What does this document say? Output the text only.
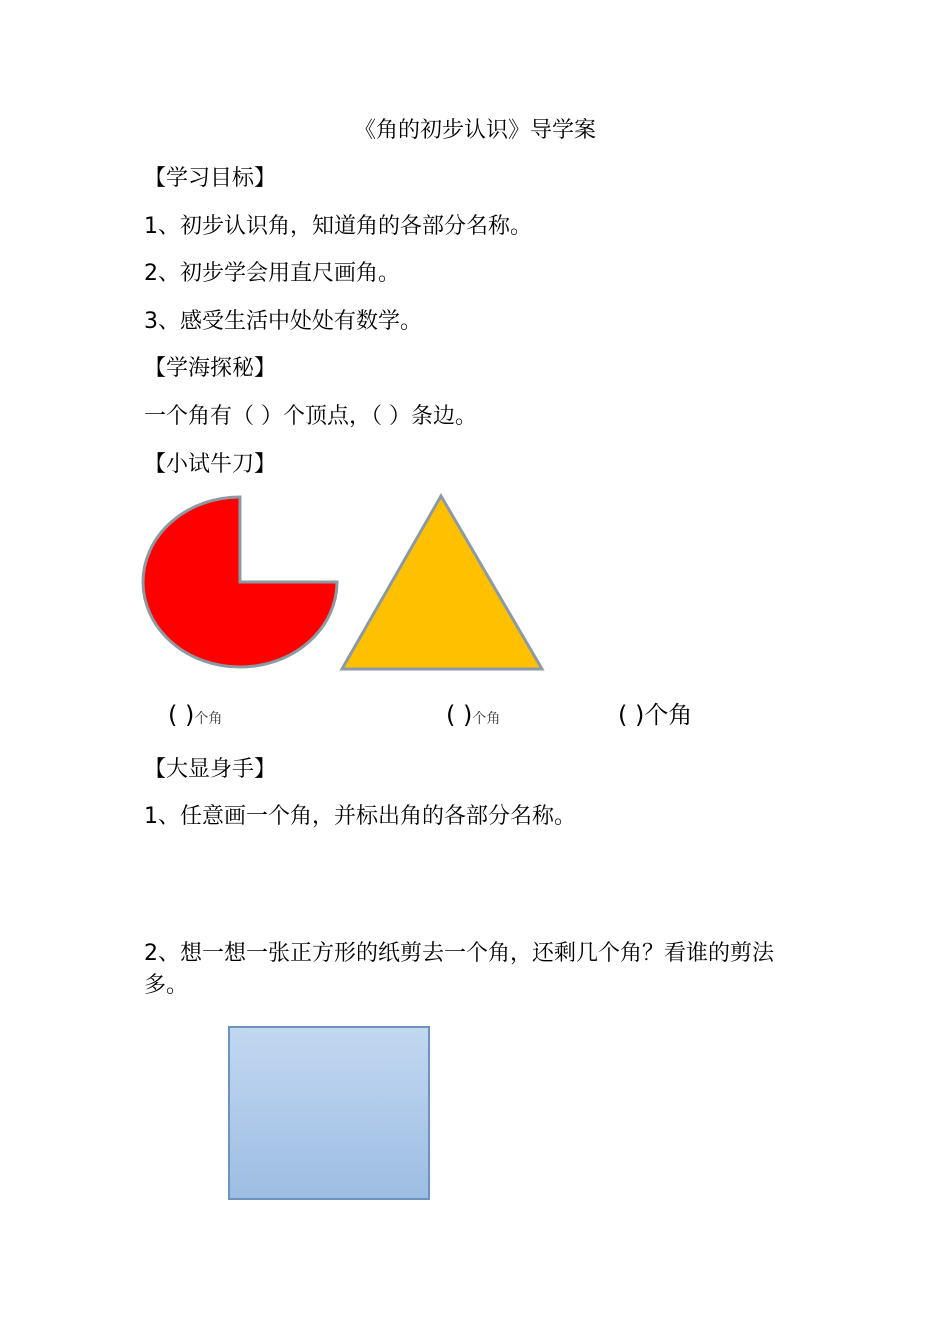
《角的初步认识》导学案
【学习目标】
1、初步认识角，知道角的各部分名称。
2、初步学会用直尺画角。
3、感受生活中处处有数学。
【学海探秘】
一个角有（ ）个顶点，（ ）条边。
【小试牛刀】
( )个角	( )个角	( )个角
【大显身手】
1、任意画一个角，并标出角的各部分名称。
2、想一想一张正方形的纸剪去一个角，还剩几个角？看谁的剪法多。
